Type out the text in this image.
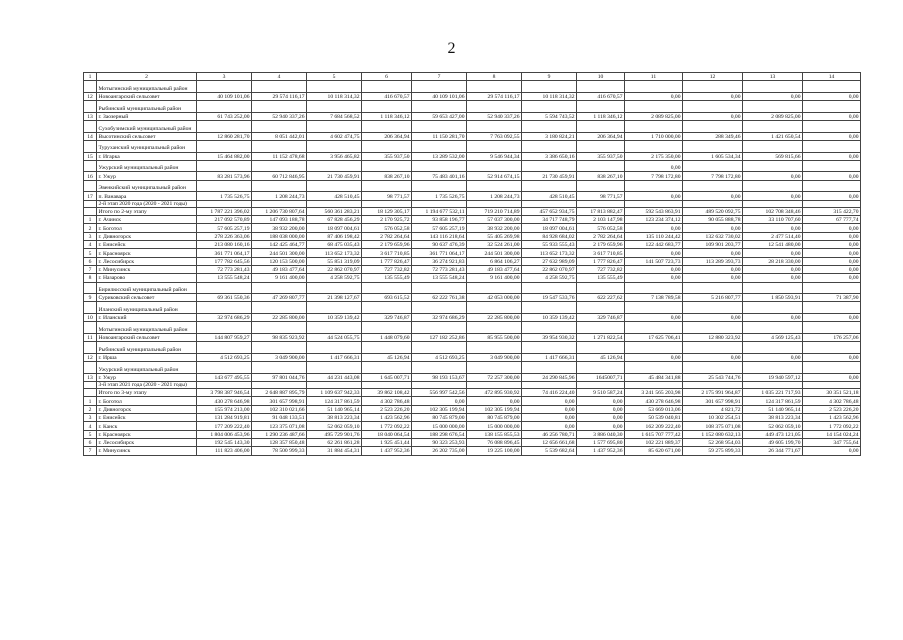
2
1	2	3	4	5	6	7	8	9	10	11	12	13	14
	Мотыгинский муниципальный район												
12	Новоангарский сельсовет	40 109 101,06	29 574 116,17	10 118 314,32	416 670,57	40 109 101,06	29 574 116,17	10 118 314,32	416 670,57	0,00	0,00	0,00	0,00
	Рыбинский муниципальный район												
13	г. Заозерный	61 743 252,00	52 940 337,26	7 684 568,52	1 118 346,12	59 653 427,00	52 940 337,26	5 594 743,52	1 118 346,12	2 089 825,00	0,00	2 089 825,00	0,00
	Сухобузимский муниципальный район												
14	Высотинский сельсовет	12 860 281,70	8 051 442,01	4 602 474,75	206 364,94	11 150 281,70	7 763 092,55	3 180 824,21	206 364,94	1 710 000,00	288 349,46	1 421 650,54	0,00
	Туруханский муниципальный район												
15	г. Игарка	15 464 882,00	11 152 478,68	3 956 465,82	355 937,50	13 289 532,00	9 546 944,34	3 386 650,16	355 937,50	2 175 350,00	1 605 534,34	569 815,66	0,00
	Ужурский муниципальный район									0,00			
16	г. Ужур	83 281 573,96	60 712 846,95	21 730 459,91	838 267,10	75 483 401,16	52 914 674,15	21 730 459,91	838 267,10	7 798 172,80	7 798 172,80	0,00	0,00
	Эвенкийский муниципальный район												
17	п. Ванавара	1 735 526,75	1 208 244,73	428 510,45	98 771,57	1 735 526,75	1 208 244,73	428 510,45	98 771,57	0,00	0,00	0,00	0,00
	2-й этап 2020 года (2020 - 2021 годы)												
	Итого по 2-му этапу	1 787 221 396,02	1 206 730 807,64	560 361 283,21	18 129 305,17	1 194 677 532,11	719 210 714,89	457 652 934,75	17 813 882,47	592 543 863,91	489 520 092,75	102 708 348,46	315 422,70
1	г. Ачинск	217 092 570,89	147 093 188,78	67 828 456,29	2 170 925,72	93 858 196,77	57 037 300,00	34 717 748,79	2 103 147,98	123 234 374,12	90 055 888,78	33 110 707,60	67 777,74
2	г. Боготол	57 605 257,19	38 932 200,00	18 097 004,61	576 052,58	57 605 257,19	38 932 200,00	18 097 004,61	576 052,58	0,00	0,00	0,00	0,00
3	г. Дивногорск	278 226 363,06	188 038 000,00	87 406 198,42	2 782 264,64	143 116 218,64	55 405 269,98	84 928 684,02	2 782 264,64	135 110 244,42	132 632 730,02	2 477 514,40	0,00
4	г. Енисейск	213 080 160,16	142 425 464,77	68 475 035,43	2 179 659,96	90 637 476,39	32 524 261,00	55 933 555,43	2 179 659,96	122 442 683,77	109 901 203,77	12 541 480,00	0,00
5	г. Красноярск	361 771 064,17	244 501 300,00	113 652 173,32	3 617 710,85	361 771 064,17	244 501 300,00	113 652 173,32	3 617 710,85	0,00	0,00	0,00	0,00
6	г. Лесосибирск	177 782 645,56	120 153 500,00	55 851 319,09	1 777 826,47	36 274 921,83	6 864 106,27	27 632 989,09	1 777 826,47	141 507 723,73	113 289 393,73	28 218 330,00	0,00
7	г. Минусинск	72 773 281,43	49 183 477,64	22 862 070,97	727 732,82	72 773 281,43	49 183 477,64	22 862 070,97	727 732,82	0,00	0,00	0,00	0,00
8	г. Назарово	13 555 548,24	9 161 400,00	4 258 592,75	135 555,49	13 555 548,24	9 161 400,00	4 258 592,75	135 555,49	0,00	0,00	0,00	0,00
	Бирилюсский муниципальный район												
9	Суриковский сельсовет	69 361 550,36	47 269 807,77	21 398 127,67	693 615,52	62 222 761,38	42 053 000,00	19 547 533,76	622 227,62	7 138 789,58	5 216 807,77	1 850 593,91	71 387,90
	Иланский муниципальный район												
10	г. Иланский	32 974 686,29	22 285 800,00	10 359 139,42	329 746,87	32 974 686,29	22 285 800,00	10 359 139,42	329 746,87	0,00	0,00	0,00	0,00
	Мотыгинский муниципальный район												
11	Новоангарский сельсовет	144 807 959,27	98 835 923,92	44 524 055,75	1 448 079,60	127 182 252,86	85 955 500,00	39 954 930,32	1 271 822,54	17 625 706,41	12 880 323,92	4 569 125,43	176 257,06
	Рыбинский муниципальный район												
12	г. Иршa	4 512 693,25	3 049 900,00	1 417 666,31	45 126,94	4 512 693,25	3 049 900,00	1 417 666,31	45 126,94	0,00	0,00	0,00	0,00
	Ужурский муниципальный район												
13	г. Ужур	143 677 495,55	97 801 044,76	44 231 443,08	1 645 007,71	98 193 153,67	72 257 300,00	24 290 845,96	1645007,71	45 484 341,88	25 543 744,76	19 940 597,12	0,00
	3-й этап 2021 года (2020 - 2021 годы)												
	Итого по 3-му этапу	3 798 387 946,54	2 648 887 895,79	1 109 637 942,33	39 862 108,42	556 997 542,56	472 895 930,92	74 416 224,40	9 510 587,24	3 241 565 203,98	2 175 991 964,87	1 035 221 717,93	30 351 521,18
1	г. Боготол	430 278 646,98	301 657 998,91	124 317 861,59	4 302 786,48	0,00	0,00	0,00	0,00	430 278 646,98	301 657 998,91	124 317 861,59	4 302 786,48
2	г. Дивногорск	155 974 213,00	102 310 021,66	51 140 965,14	2 523 226,20	102 305 199,94	102 305 199,94	0,00	0,00	53 669 013,06	4 821,72	51 140 965,14	2 523 226,20
3	г. Енисейск	131 284 919,81	91 048 133,51	38 813 223,34	1 423 562,96	80 745 879,00	80 745 879,00	0,00	0,00	50 539 040,81	10 302 254,51	38 813 223,34	1 423 562,96
4	г. Канск	177 209 222,40	123 375 071,08	52 062 059,10	1 772 092,22	15 000 000,00	15 000 000,00	0,00	0,00	162 209 222,40	108 375 071,08	52 062 059,10	1 772 092,22
5	г. Красноярск	1 804 006 453,96	1 290 236 487,66	495 729 901,76	18 040 064,54	188 298 676,54	138 155 855,53	46 256 780,71	3 886 040,30	1 615 707 777,42	1 152 080 632,13	449 473 121,05	14 154 024,24
6	г. Лесосибирск	192 545 143,30	128 357 850,48	62 261 861,28	1 925 451,44	90 323 253,93	76 088 896,45	12 656 661,68	1 577 695,80	102 221 889,37	52 268 954,03	49 605 199,70	347 755,64
7	г. Минусинск	111 823 406,00	78 500 999,33	31 884 454,31	1 437 952,36	26 202 735,00	19 225 100,00	5 539 682,64	1 437 952,36	85 620 671,00	59 275 899,33	26 344 771,67	0,00
